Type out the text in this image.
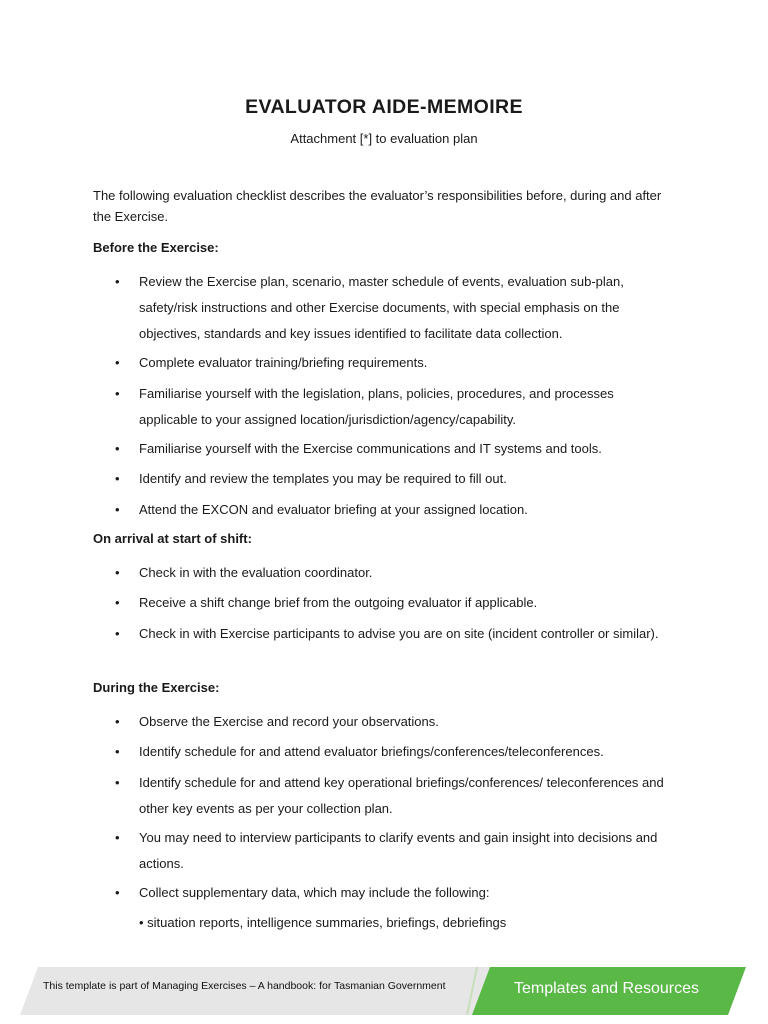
EVALUATOR AIDE-MEMOIRE
Attachment [*] to evaluation plan
The following evaluation checklist describes the evaluator’s responsibilities before, during and after the Exercise.
Before the Exercise:
•	Review the Exercise plan, scenario, master schedule of events, evaluation sub-plan, safety/risk instructions and other Exercise documents, with special emphasis on the objectives, standards and key issues identified to facilitate data collection.
•	Complete evaluator training/briefing requirements.
•	Familiarise yourself with the legislation, plans, policies, procedures, and processes applicable to your assigned location/jurisdiction/agency/capability.
•	Familiarise yourself with the Exercise communications and IT systems and tools.
•	Identify and review the templates you may be required to fill out.
•	Attend the EXCON and evaluator briefing at your assigned location.
On arrival at start of shift:
•	Check in with the evaluation coordinator.
•	Receive a shift change brief from the outgoing evaluator if applicable.
•	Check in with Exercise participants to advise you are on site (incident controller or similar).
During the Exercise:
•	Observe the Exercise and record your observations.
•	Identify schedule for and attend evaluator briefings/conferences/teleconferences.
•	Identify schedule for and attend key operational briefings/conferences/ teleconferences and other key events as per your collection plan.
•	You may need to interview participants to clarify events and gain insight into decisions and actions.
•	Collect supplementary data, which may include the following:
• situation reports, intelligence summaries, briefings, debriefings
This template is part of Managing Exercises – A handbook: for Tasmanian Government	Templates and Resources
